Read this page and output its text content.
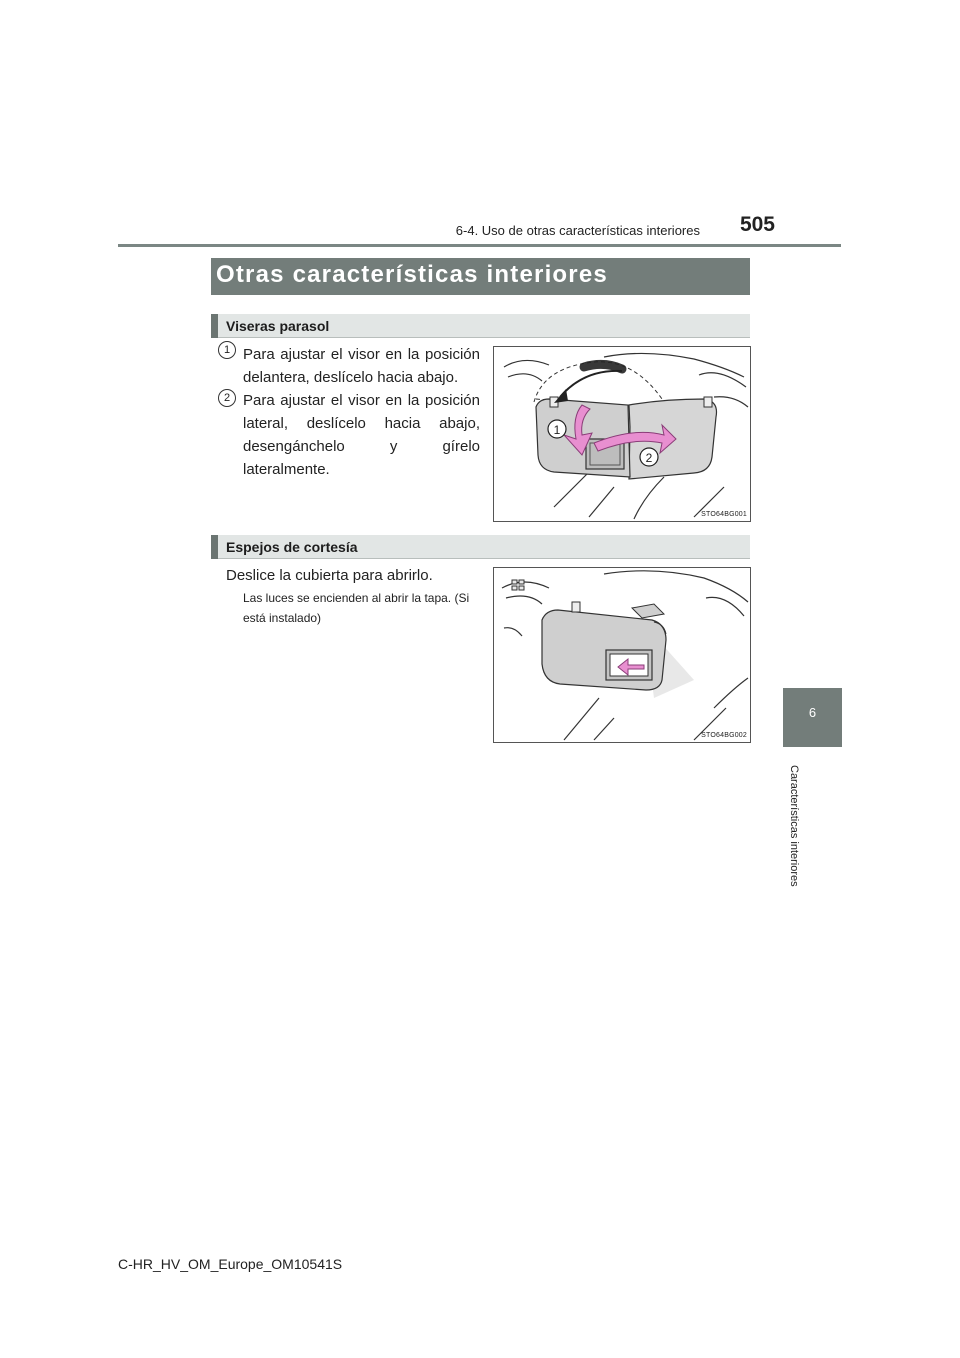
6-4. Uso de otras características interiores	505
6
Características interiores
Otras características interiores
Viseras parasol
1 Para ajustar el visor en la posición delantera, deslícelo hacia abajo.
2 Para ajustar el visor en la posición lateral, deslícelo hacia abajo, desengánchelo y gírelo lateralmente.
1
2
STO64BG001
Espejos de cortesía
Deslice la cubierta para abrirlo.
Las luces se encienden al abrir la tapa. (Si está instalado)
STO64BG002
C-HR_HV_OM_Europe_OM10541S
